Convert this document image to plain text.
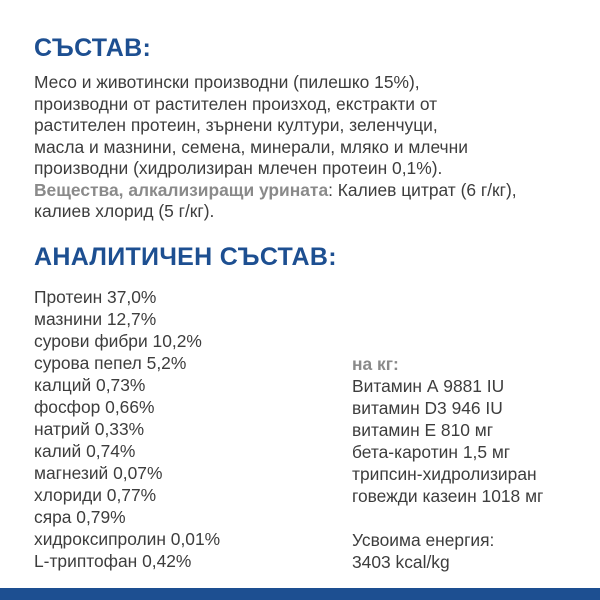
СЪСТАВ:
Месо и животински производни (пилешко 15%),
производни от растителен произход, екстракти от
растителен протеин, зърнени култури, зеленчуци,
масла и мазнини, семена, минерали, мляко и млечни
производни (хидролизиран млечен протеин 0,1%).
Вещества, алкализиращи урината: Калиев цитрат (6 г/кг),
калиев хлорид (5 г/кг).
АНАЛИТИЧЕН СЪСТАВ:
Протеин 37,0%
мазнини 12,7%
сурови фибри 10,2%
сурова пепел 5,2%
калций 0,73%
фосфор 0,66%
натрий 0,33%
калий 0,74%
магнезий 0,07%
хлориди 0,77%
сяра 0,79%
хидроксипролин 0,01%
L-триптофан 0,42%
на кг:
Витамин А 9881 IU
витамин D3 946 IU
витамин Е 810 мг
бета-каротин 1,5 мг
трипсин-хидролизиран
говежди казеин 1018 мг
Усвоима енергия:
3403 kcal/kg
